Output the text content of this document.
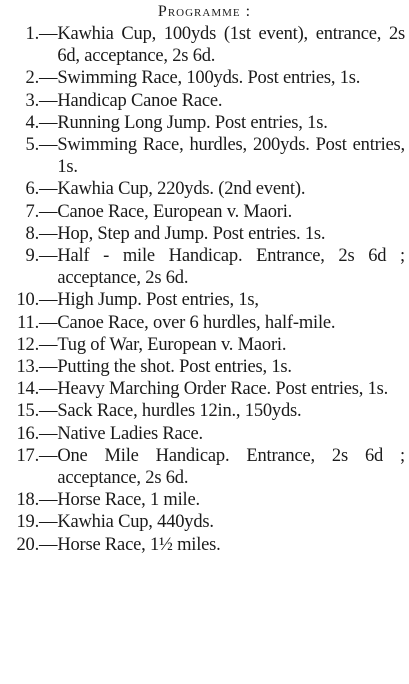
Programme :
1. — Kawhia Cup, 100yds (1st event), entrance, 2s 6d, acceptance, 2s 6d.
2. — Swimming Race, 100yds. Post entries, 1s.
3. — Handicap Canoe Race.
4. — Running Long Jump. Post entries, 1s.
5. — Swimming Race, hurdles, 200yds. Post entries, 1s.
6. — Kawhia Cup, 220yds. (2nd event).
7. — Canoe Race, European v. Maori.
8. — Hop, Step and Jump. Post entries. 1s.
9. — Half - mile Handicap. Entrance, 2s 6d ; acceptance, 2s 6d.
10. — High Jump. Post entries, 1s,
11. — Canoe Race, over 6 hurdles, half-mile.
12. — Tug of War, European v. Maori.
13. — Putting the shot. Post entries, 1s.
14. — Heavy Marching Order Race. Post entries, 1s.
15. — Sack Race, hurdles 12in., 150yds.
16. — Native Ladies Race.
17. — One Mile Handicap. Entrance, 2s 6d ; acceptance, 2s 6d.
18. — Horse Race, 1 mile.
19. — Kawhia Cup, 440yds.
20. — Horse Race, 1½ miles.
